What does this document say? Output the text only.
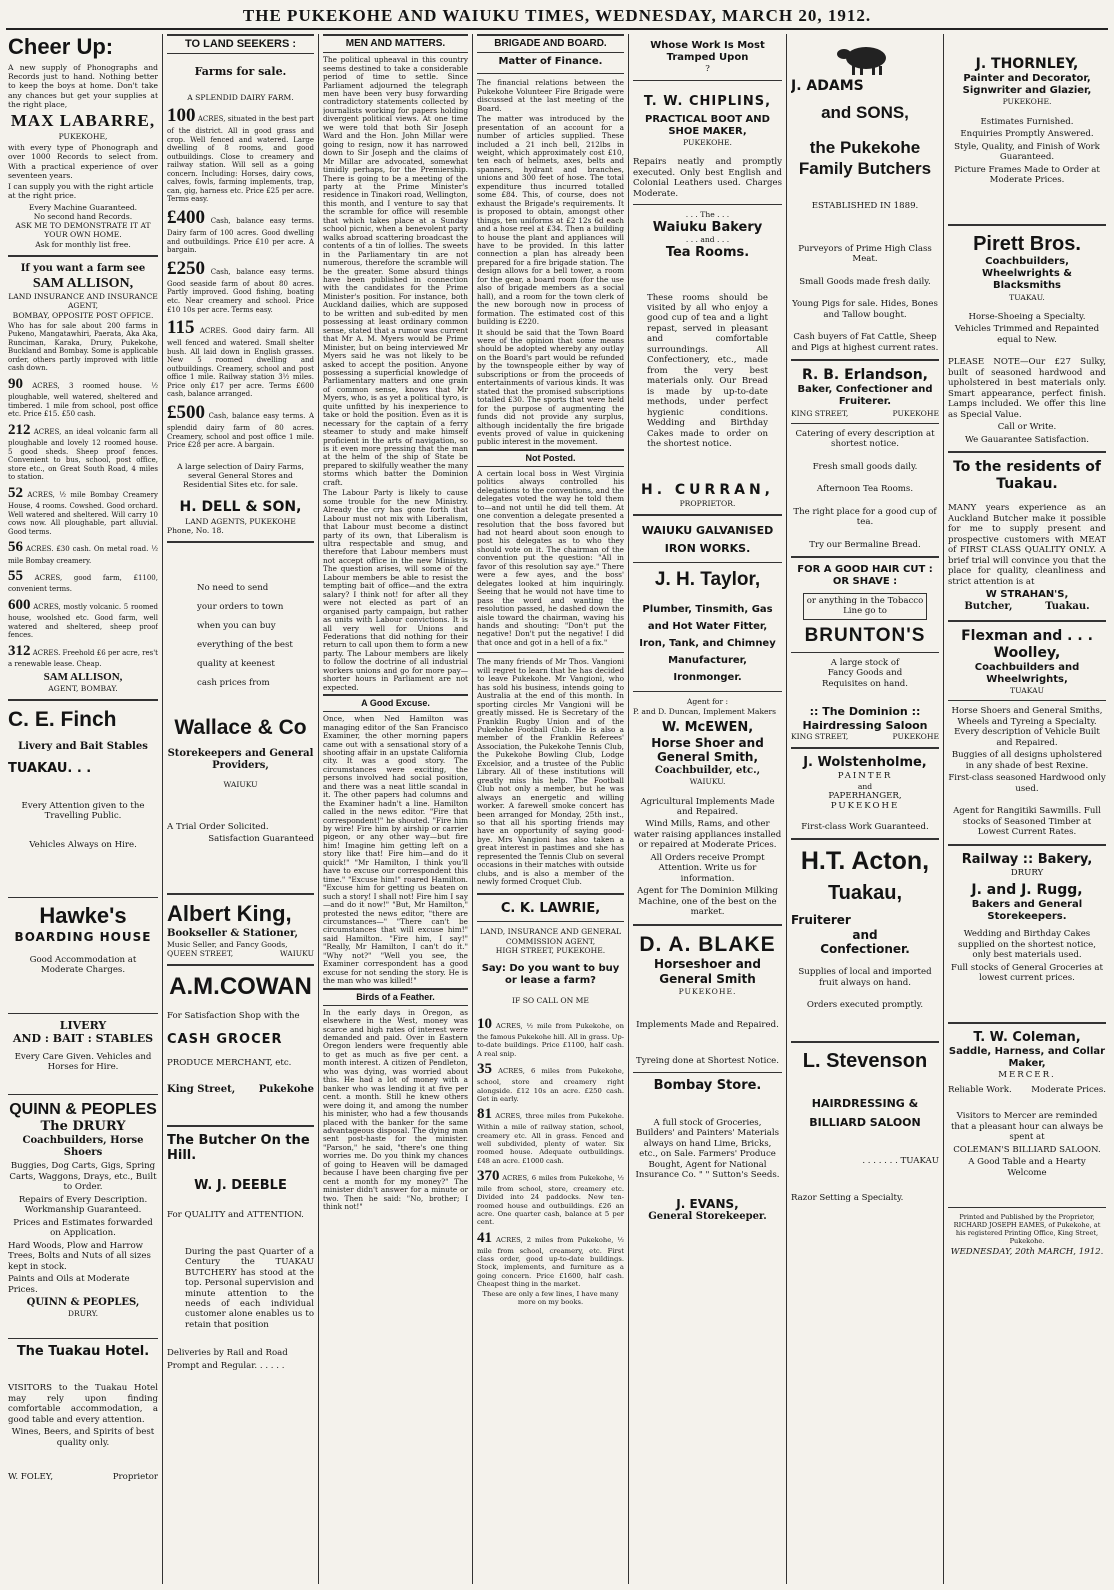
THE PUKEKOHE AND WAIUKU TIMES, WEDNESDAY, MARCH 20, 1912.
Cheer Up:

A new supply of Phonographs and Records just to hand. Nothing better to keep the boys at home. Don't take any chances but get your supplies at the right place,

MAX LABARRE,
PUKEKOHE,

with every type of Phonograph and over 1000 Records to select from. With a practical experience of over seventeen years.

I can supply you with the right article at the right price.

Every Machine Guaranteed.
No second hand Records.
ASK ME TO DEMONSTRATE IT AT YOUR OWN HOME.
Ask for monthly list free.
If you want a farm see
SAM ALLISON,
LAND INSURANCE AND INSURANCE AGENT,
BOMBAY, OPPOSITE POST OFFICE.

Who has for sale about 200 farms in Pukeno, Mangatawhiri, Paerata, Aka Aka, Runciman, Karaka, Drury, Pukekohe, Buckland and Bombay. Some is applicable order, others partly improved with little cash down.

90 ACRES, 3 roomed house. ½ ploughable, well watered, sheltered and timbered. 1 mile from school, post office etc. Price £15. £50 cash.

212 ACRES, an ideal volcanic farm all ploughable and lovely 12 roomed house. 5 good sheds. Sheep proof fences. Convenient to bus, school, post office, store etc., on Great South Road, 4 miles to station.

52 ACRES, ½ mile Bombay Creamery House, 4 rooms. Cowshed. Good orchard. Well watered and sheltered. Will carry 10 cows now. All ploughable, part alluvial. Good terms.

56 ACRES. £30 cash. On metal road. ½ mile Bombay creamery.

55 ACRES, good farm, £1100, convenient terms.

600 ACRES, mostly volcanic. 5 roomed house, woolshed etc. Good farm, well watered and sheltered, sheep proof fences.

312 ACRES. Freehold £6 per acre, res't a renewable lease. Cheap.

SAM ALLISON,
AGENT, BOMBAY.
C. E. Finch
Livery and Bait Stables
TUAKAU. . .

Every Attention given to the Travelling Public.

Vehicles Always on Hire.

Hawke's
BOARDING HOUSE

Good Accommodation at Moderate Charges.

LIVERY
AND : BAIT : STABLES

Every Care Given. Vehicles and Horses for Hire.

QUINN & PEOPLES
The DRURY
Coachbuilders, Horse Shoers

Buggies, Dog Carts, Gigs, Spring Carts, Waggons, Drays, etc., Built to Order.

Repairs of Every Description. Workmanship Guaranteed.

Prices and Estimates forwarded on Application.

Hard Woods, Plow and Harrow Trees, Bolts and Nuts of all sizes kept in stock.

Paints and Oils at Moderate Prices.

QUINN & PEOPLES,
DRURY.
The Tuakau Hotel.

VISITORS to the Tuakau Hotel may rely upon finding comfortable accommodation, a good table and every attention.

Wines, Beers, and Spirits of best quality only.

W. FOLEY,	Proprietor
TO LAND SEEKERS :
Farms for sale.
A SPLENDID DAIRY FARM.

100 ACRES, situated in the best part of the district. All in good grass and crop. Well fenced and watered. Large dwelling of 8 rooms, and good outbuildings. Close to creamery and railway station. Will sell as a going concern. Including: Horses, dairy cows, calves, fowls, farming implements, trap, can, gig, harness etc. Price £25 per acre. Terms easy.

£400 Cash, balance easy terms. Dairy farm of 100 acres. Good dwelling and outbuildings. Price £10 per acre. A bargain.

£250 Cash, balance easy terms. Good seaside farm of about 80 acres. Partly improved. Good fishing, boating etc. Near creamery and school. Price £10 10s per acre. Terms easy.

115 ACRES. Good dairy farm. All well fenced and watered. Small shelter bush. All laid down in English grasses. New 5 roomed dwelling and outbuildings. Creamery, school and post office 1 mile. Railway station 3½ miles. Price only £17 per acre. Terms £600 cash, balance arranged.

£500 Cash, balance easy terms. A splendid dairy farm of 80 acres. Creamery, school and post office 1 mile. Price £28 per acre. A bargain.

A large selection of Dairy Farms, several General Stores and Residential Sites etc. for sale.

H. DELL & SON,
LAND AGENTS, PUKEKOHE
Phone, No. 18.
No need to send
your orders to town
when you can buy
everything of the best
quality at keenest
cash prices from
Wallace & Co
Storekeepers and General Providers,
WAIUKU

A Trial Order Solicited.

Satisfaction Guaranteed

Albert King,
Bookseller & Stationer,
Music Seller, and Fancy Goods,
QUEEN STREET,	WAIUKU
A.M.COWAN

For Satisfaction Shop with the

CASH GROCER

PRODUCE MERCHANT, etc.

King Street, Pukekohe
The Butcher On the Hill.
W. J. DEEBLE

For QUALITY and ATTENTION.

During the past Quarter of a Century the TUAKAU BUTCHERY has stood at the top. Personal supervision and minute attention to the needs of each individual customer alone enables us to retain that position

Deliveries by Rail and Road

Prompt and Regular. . . . . .

MEN AND MATTERS.

The political upheaval in this country seems destined to take a considerable period of time to settle. Since Parliament adjourned the telegraph men have been very busy forwarding contradictory statements collected by journalists working for papers holding divergent political views. At one time we were told that both Sir Joseph Ward and the Hon. John Millar were going to resign, now it has narrowed down to Sir Joseph and the claims of Mr Millar are advocated, somewhat timidly perhaps, for the Premiership. There is going to be a meeting of the party at the Prime Minister's residence in Tinakori road, Wellington, this month, and I venture to say that the scramble for office will resemble that which takes place at a Sunday school picnic, when a benevolent party walks abroad scattering broadcast the contents of a tin of lollies. The sweets in the Parliamentary tin are not numerous, therefore the scramble will be the greater. Some absurd things have been published in connection with the candidates for the Prime Minister's position. For instance, both Auckland dailies, which are supposed to be written and sub-edited by men possessing at least ordinary common sense, stated that a rumor was current that Mr A. M. Myers would be Prime Minister, but on being interviewed Mr Myers said he was not likely to be asked to accept the position. Anyone possessing a superficial knowledge of Parliamentary matters and one grain of common sense, knows that Mr Myers, who, is as yet a political tyro, is quite unfitted by his inexperience to take or hold the position. Even as it is necessary for the captain of a ferry steamer to study and make himself proficient in the arts of navigation, so is it even more pressing that the man at the helm of the ship of State be prepared to skilfully weather the many storms which batter the Dominion craft.

The Labour Party is likely to cause some trouble for the new Ministry. Already the cry has gone forth that Labour must not mix with Liberalism, that Labour must become a distinct party of its own, that Liberalism is ultra respectable and smug, and therefore that Labour members must not accept office in the new Ministry. The question arises, will some of the Labour members be able to resist the tempting bait of office—and the extra salary? I think not! for after all they were not elected as part of an organised party campaign, but rather as units with Labour convictions. It is all very well for Unions and Federations that did nothing for their return to call upon them to form a new party. The Labour members are likely to follow the doctrine of all industrial workers unions and go for more pay—shorter hours in Parliament are not expected.

A Good Excuse.

Once, when Ned Hamilton was managing editor of the San Francisco Examiner, the other morning papers came out with a sensational story of a shooting affair in an upstate California city. It was a good story. The circumstances were exciting, the persons involved had social position, and there was a neat little scandal in it. The other papers had columns and the Examiner hadn't a line. Hamilton called in the news editor. "Fire that correspondent!" he shouted. "Fire him by wire! Fire him by airship or carrier pigeon, or any other way—but fire him! Imagine him getting left on a story like that! Fire him—and do it quick!" "Mr Hamilton, I think you'll have to excuse our correspondent this time." "Excuse him!" roared Hamilton. "Excuse him for getting us beaten on such a story! I shall not! Fire him I say—and do it now!" "But, Mr Hamilton," protested the news editor, "there are circumstances—" "There can't be circumstances that will excuse him!" said Hamilton. "Fire him, I say!" "Really, Mr Hamilton, I can't do it." "Why not?" "Well you see, the Examiner correspondent has a good excuse for not sending the story. He is the man who was killed!"

Birds of a Feather.

In the early days in Oregon, as elsewhere in the West, money was scarce and high rates of interest were demanded and paid. Over in Eastern Oregon lenders were frequently able to get as much as five per cent. a month interest. A citizen of Pendleton, who was dying, was worried about this. He had a lot of money with a banker who was lending it at five per cent. a month. Still he knew others were doing it, and among the number his minister, who had a few thousands placed with the banker for the same advantageous disposal. The dying man sent post-haste for the minister. "Parson," he said, "there's one thing worries me. Do you think my chances of going to Heaven will be damaged because I have been charging five per cent a month for my money?" The minister didn't answer for a minute or two. Then he said: "No, brother; I think not!"

BRIGADE AND BOARD.
Matter of Finance.

The financial relations between the Pukekohe Volunteer Fire Brigade were discussed at the last meeting of the Board.

The matter was introduced by the presentation of an account for a number of articles supplied. These included a 21 inch bell, 212lbs in weight, which approximately cost £10, ten each of helmets, axes, belts and spanners, hydrant and branches, unions and 300 feet of hose. The total expenditure thus incurred totalled some £84. This, of course, does not exhaust the Brigade's requirements. It is proposed to obtain, amongst other things, ten uniforms at £2 12s 6d each and a hose reel at £34. Then a building to house the plant and appliances will have to be provided. In this latter connection a plan has already been prepared for a fire brigade station. The design allows for a bell tower, a room for the gear, a board room (for the use also of brigade members as a social hall), and a room for the town clerk of the new borough now in process of formation. The estimated cost of this building is £220.

It should be said that the Town Board were of the opinion that some means should be adopted whereby any outlay on the Board's part would be refunded by the townspeople either by way of subscriptions or from the proceeds of entertainments of various kinds. It was stated that the promised subscriptions totalled £30. The sports that were held for the purpose of augmenting the funds did not provide any surplus, although incidentally the fire brigade events proved of value in quickening public interest in the movement.

Not Posted.

A certain local boss in West Virginia politics always controlled his delegations to the conventions, and the delegates voted the way he told them to—and not until he did tell them. At one convention a delegate presented a resolution that the boss favored but had not heard about soon enough to post his delegates as to who they should vote on it. The chairman of the convention put the question: "All in favor of this resolution say aye." There were a few ayes, and the boss' delegates looked at him inquiringly. Seeing that he would not have time to pass the word and wanting the resolution passed, he dashed down the aisle toward the chairman, waving his hands and shouting: "Don't put the negative! Don't put the negative! I did that once and got in a hell of a fix."

The many friends of Mr Thos. Vangioni will regret to learn that he has decided to leave Pukekohe. Mr Vangioni, who has sold his business, intends going to Australia at the end of this month. In sporting circles Mr Vangioni will be greatly missed. He is Secretary of the Franklin Rugby Union and of the Pukekohe Football Club. He is also a member of the Franklin Referees' Association, the Pukekohe Tennis Club, the Pukekohe Bowling Club, Lodge Excelsior, and a trustee of the Public Library. All of these institutions will greatly miss his help. The Football Club not only a member, but he was always an energetic and willing worker. A farewell smoke concert has been arranged for Monday, 25th inst., so that all his sporting friends may have an opportunity of saying good-bye. Mrs Vangioni has also taken a great interest in pastimes and she has represented the Tennis Club on several occasions in their matches with outside clubs, and is also a member of the newly formed Croquet Club.

C. K. LAWRIE,
LAND, INSURANCE AND GENERAL COMMISSION AGENT,
HIGH STREET, PUKEKOHE.
Say: Do you want to buy or lease a farm?
IF SO CALL ON ME

10 ACRES, ½ mile from Pukekohe, on the famous Pukekohe hill. All in grass. Up-to-date buildings. Price £1100, half cash. A real snip.

35 ACRES, 6 miles from Pukekohe, school, store and creamery right alongside. £12 10s an acre. £250 cash. Get in early.

81 ACRES, three miles from Pukekohe. Within a mile of railway station, school, creamery etc. All in grass. Fenced and well subdivided, plenty of water. Six roomed house. Adequate outbuildings. £48 an acre. £1000 cash.

370 ACRES, 6 miles from Pukekohe, ½ mile from school, store, creamery etc. Divided into 24 paddocks. New ten-roomed house and outbuildings. £26 an acre. One quarter cash, balance at 5 per cent.

41 ACRES, 2 miles from Pukekohe, ½ mile from school, creamery, etc. First class order, good up-to-date buildings. Stock, implements, and furniture as a going concern. Price £1600, half cash. Cheapest thing in the market.

These are only a few lines, I have many more on my books.

Whose Work Is Most Tramped Upon
?
T. W. CHIPLINS,
PRACTICAL BOOT AND SHOE MAKER,
PUKEKOHE.

Repairs neatly and promptly executed. Only best English and Colonial Leathers used. Charges Moderate.

. . . The . . .
Waiuku Bakery
. . . and . . .
Tea Rooms.

These rooms should be visited by all who enjoy a good cup of tea and a light repast, served in pleasant and comfortable surroundings. All Confectionery, etc., made from the very best materials only. Our Bread is made by up-to-date methods, under perfect hygienic conditions. Wedding and Birthday Cakes made to order on the shortest notice.

H. CURRAN,
PROPRIETOR.
WAIUKU GALVANISED IRON WORKS.
J. H. Taylor,

Plumber, Tinsmith, Gas and Hot Water Fitter, Iron, Tank, and Chimney Manufacturer, Ironmonger.

Agent for :
P. and D. Duncan, Implement Makers
W. McEWEN,
Horse Shoer and General Smith,
Coachbuilder, etc.,
WAIUKU.

Agricultural Implements Made and Repaired.

Wind Mills, Rams, and other water raising appliances installed or repaired at Moderate Prices.

All Orders receive Prompt Attention. Write us for information.

Agent for The Dominion Milking Machine, one of the best on the market.

D. A. BLAKE
Horseshoer and General Smith
PUKEKOHE.

Implements Made and Repaired.

Tyreing done at Shortest Notice.

Bombay Store.

A full stock of Groceries, Builders' and Painters' Materials always on hand Lime, Bricks, etc., on Sale. Farmers' Produce Bought, Agent for National Insurance Co. " " Sutton's Seeds.

J. EVANS,
General Storekeeper.
J. ADAMS
and SONS,
the Pukekohe
Family Butchers
ESTABLISHED IN 1889.

Purveyors of Prime High Class Meat.

Small Goods made fresh daily.

Young Pigs for sale. Hides, Bones and Tallow bought.

Cash buyers of Fat Cattle, Sheep and Pigs at highest current rates.

R. B. Erlandson,
Baker, Confectioner and Fruiterer.
KING STREET,	PUKEKOHE

Catering of every description at shortest notice.

Fresh small goods daily.

Afternoon Tea Rooms.

The right place for a good cup of tea.

Try our Bermaline Bread.

FOR A GOOD HAIR CUT : OR SHAVE :
or anything in the Tobacco Line go to
BRUNTON'S

A large stock of Fancy Goods and Requisites on hand.

:: The Dominion :: Hairdressing Saloon
KING STREET,	PUKEKOHE
J. Wolstenholme,
PAINTER
and
PAPERHANGER,
PUKEKOHE

First-class Work Guaranteed.

H.T. Acton,
Tuakau,
Fruiterer
and
Confectioner.

Supplies of local and imported fruit always on hand.

Orders executed promptly.

L. Stevenson
HAIRDRESSING & BILLIARD SALOON

. . . . . . . TUAKAU

Razor Setting a Specialty.

J. THORNLEY,
Painter and Decorator, Signwriter and Glazier,
PUKEKOHE.

Estimates Furnished.

Enquiries Promptly Answered.

Style, Quality, and Finish of Work Guaranteed.

Picture Frames Made to Order at Moderate Prices.

Pirett Bros.
Coachbuilders, Wheelwrights & Blacksmiths
TUAKAU.

Horse-Shoeing a Specialty.

Vehicles Trimmed and Repainted equal to New.

PLEASE NOTE—Our £27 Sulky, built of seasoned hardwood and upholstered in best materials only. Smart appearance, perfect finish. Lamps included. We offer this line as Special Value.

Call or Write.

We Gauarantee Satisfaction.

To the residents of Tuakau.

MANY years experience as an Auckland Butcher make it possible for me to supply present and prospective customers with MEAT of FIRST CLASS QUALITY ONLY. A brief trial will convince you that the place for quality, cleanliness and strict attention is at

W STRAHAN'S,
Butcher,	Tuakau.
Flexman and . . . Woolley,
Coachbuilders and Wheelwrights,
TUAKAU

Horse Shoers and General Smiths, Wheels and Tyreing a Specialty. Every description of Vehicle Built and Repaired.

Buggies of all designs upholstered in any shade of best Rexine.

First-class seasoned Hardwood only used.

Agent for Rangitiki Sawmills. Full stocks of Seasoned Timber at Lowest Current Rates.

Railway :: Bakery,
DRURY
J. and J. Rugg,
Bakers and General Storekeepers.

Wedding and Birthday Cakes supplied on the shortest notice, only best materials used.

Full stocks of General Groceries at lowest current prices.

T. W. Coleman,
Saddle, Harness, and Collar Maker,
MERCER.
Reliable Work. Moderate Prices.

Visitors to Mercer are reminded that a pleasant hour can always be spent at

COLEMAN'S BILLIARD SALOON.

A Good Table and a Hearty Welcome

Printed and Published by the Proprietor, RICHARD JOSEPH EAMES, of Pukekohe, at his registered Printing Office, King Street, Pukekohe.

WEDNESDAY, 20th MARCH, 1912.
